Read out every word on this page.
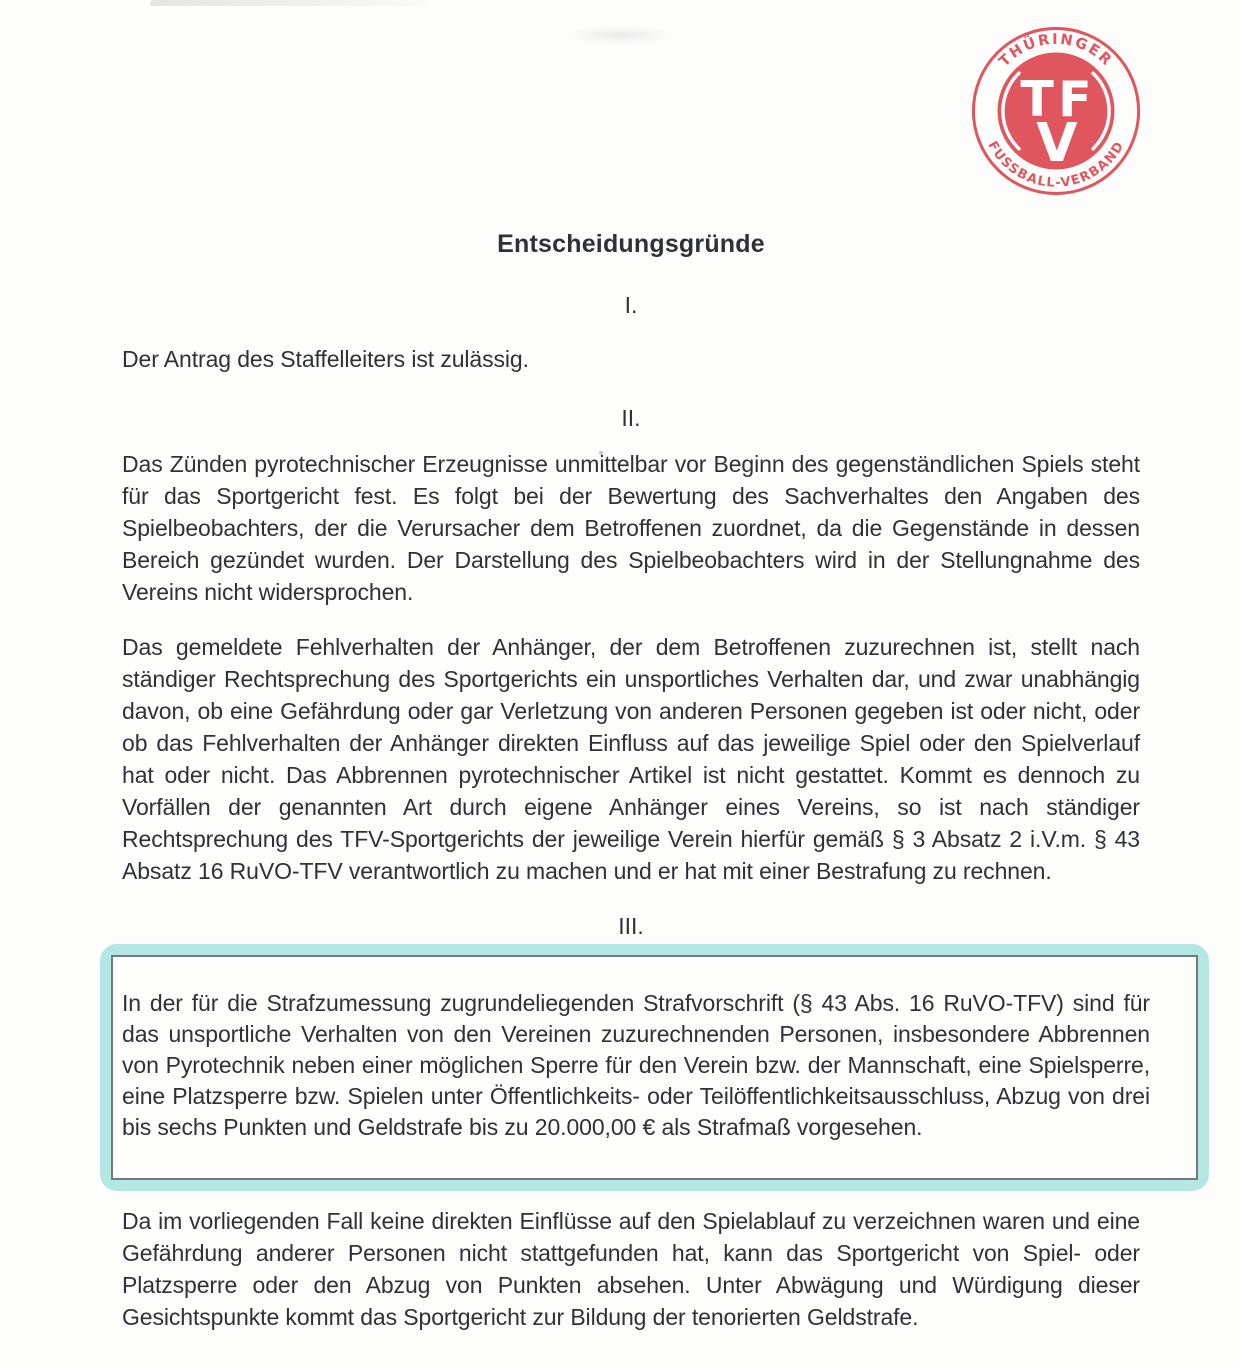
THÜRINGER
FUSSBALL-VERBAND
T F
V
Entscheidungsgründe
I.

Der Antrag des Staffelleiters ist zulässig.

II.

Das Zünden pyrotechnischer Erzeugnisse unmittelbar vor Beginn des gegenständlichen Spiels steht für das Sportgericht fest. Es folgt bei der Bewertung des Sachverhaltes den Angaben des Spielbeobachters, der die Verursacher dem Betroffenen zuordnet, da die Gegenstände in dessen Bereich gezündet wurden. Der Darstellung des Spielbeobachters wird in der Stellungnahme des Vereins nicht widersprochen.

Das gemeldete Fehlverhalten der Anhänger, der dem Betroffenen zuzurechnen ist, stellt nach ständiger Rechtsprechung des Sportgerichts ein unsportliches Verhalten dar, und zwar unabhängig davon, ob eine Gefährdung oder gar Verletzung von anderen Personen gegeben ist oder nicht, oder ob das Fehlverhalten der Anhänger direkten Einfluss auf das jeweilige Spiel oder den Spielverlauf hat oder nicht. Das Abbrennen pyrotechnischer Artikel ist nicht gestattet. Kommt es dennoch zu Vorfällen der genannten Art durch eigene Anhänger eines Vereins, so ist nach ständiger Rechtsprechung des TFV-Sportgerichts der jeweilige Verein hierfür gemäß § 3 Absatz 2 i.V.m. § 43 Absatz 16 RuVO-TFV verantwortlich zu machen und er hat mit einer Bestrafung zu rechnen.

III.

In der für die Strafzumessung zugrundeliegenden Strafvorschrift (§ 43 Abs. 16 RuVO-TFV) sind für das unsportliche Verhalten von den Vereinen zuzurechnenden Personen, insbesondere Abbrennen von Pyrotechnik neben einer möglichen Sperre für den Verein bzw. der Mannschaft, eine Spielsperre, eine Platzsperre bzw. Spielen unter Öffentlichkeits- oder Teilöffentlichkeitsausschluss, Abzug von drei bis sechs Punkten und Geldstrafe bis zu 20.000,00 € als Strafmaß vorgesehen.

Da im vorliegenden Fall keine direkten Einflüsse auf den Spielablauf zu verzeichnen waren und eine Gefährdung anderer Personen nicht stattgefunden hat, kann das Sportgericht von Spiel- oder Platzsperre oder den Abzug von Punkten absehen. Unter Abwägung und Würdigung dieser Gesichtspunkte kommt das Sportgericht zur Bildung der tenorierten Geldstrafe.
